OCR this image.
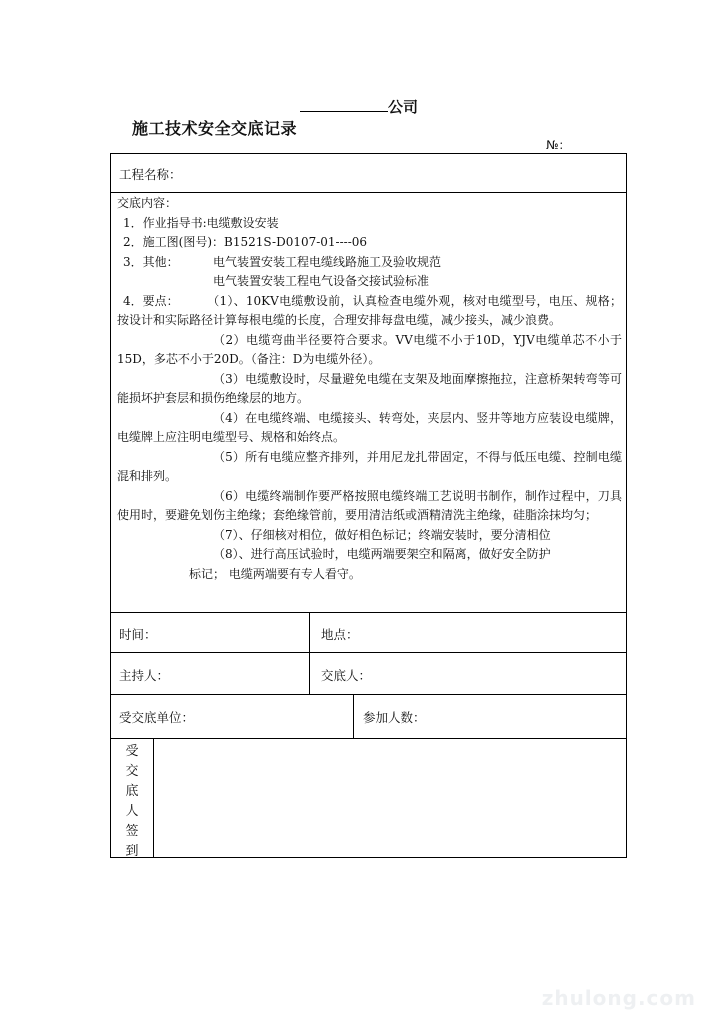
公司
施工技术安全交底记录
№：
工程名称：

交底内容：

1．作业指导书:电缆敷设安装

2．施工图(图号)：B1521S-D0107-01----06

3．其他：	电气装置安装工程电缆线路施工及验收规范
电气装置安装工程电气设备交接试验标准

4．要点： （1）、10KV电缆敷设前，认真检查电缆外观，核对电缆型号，电压、规格；按设计和实际路径计算每根电缆的长度，合理安排每盘电缆，减少接头，减少浪费。

（2）电缆弯曲半径要符合要求。VV电缆不小于10D，YJV电缆单芯不小于15D，多芯不小于20D。（备注：D为电缆外径）。

（3）电缆敷设时，尽量避免电缆在支架及地面摩擦拖拉，注意桥架转弯等可能损坏护套层和损伤绝缘层的地方。

（4）在电缆终端、电缆接头、转弯处，夹层内、竖井等地方应装设电缆牌，电缆牌上应注明电缆型号、规格和始终点。

（5）所有电缆应整齐排列，并用尼龙扎带固定，不得与低压电缆、控制电缆混和排列。

（6）电缆终端制作要严格按照电缆终端工艺说明书制作，制作过程中，刀具使用时，要避免划伤主绝缘；套绝缘管前，要用清洁纸或酒精清洗主绝缘，硅脂涂抹均匀；

（7）、仔细核对相位，做好相色标记；终端安装时，要分清相位

（8）、进行高压试验时，电缆两端要架空和隔离，做好安全防护

标记； 电缆两端要有专人看守。

时间：	地点：
主持人：	交底人：
受交底单位：	参加人数：
受
交
底
人
签
到
zhulong.com
